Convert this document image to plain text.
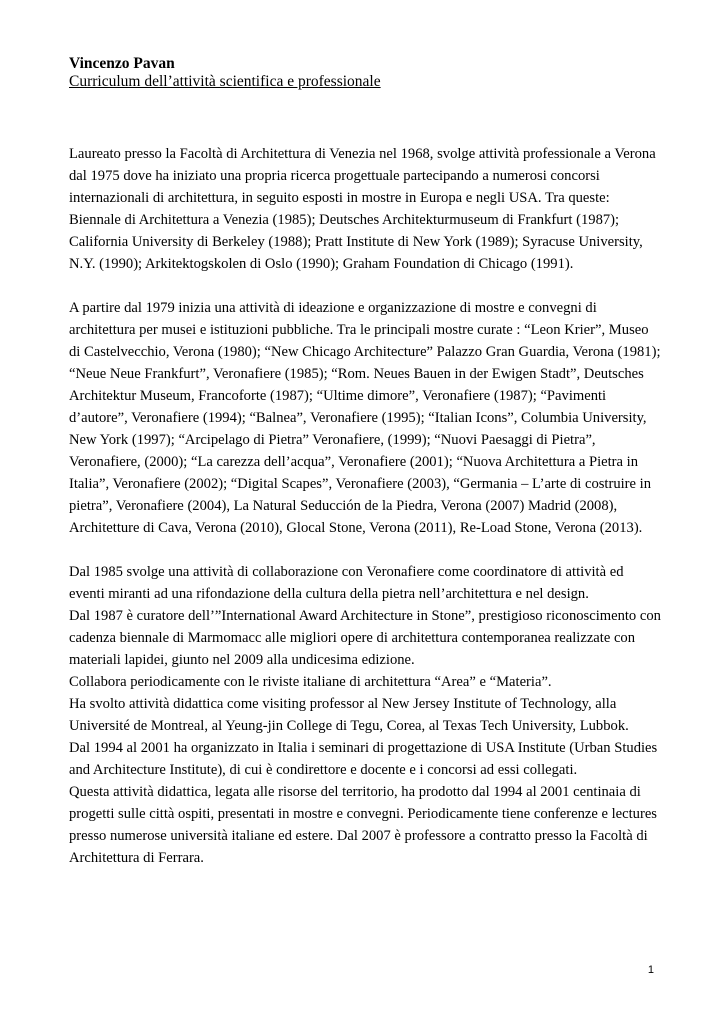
Vincenzo Pavan

Curriculum dell’attività scientifica e professionale

Laureato presso la Facoltà di Architettura di Venezia nel 1968, svolge attività professionale a Verona dal 1975 dove ha iniziato una propria ricerca progettuale partecipando a numerosi concorsi internazionali di architettura, in seguito esposti in mostre in Europa e negli USA. Tra queste: Biennale di Architettura a Venezia (1985); Deutsches Architekturmuseum di Frankfurt (1987); California University di Berkeley (1988); Pratt Institute di New York (1989); Syracuse University, N.Y. (1990); Arkitektogskolen di Oslo (1990); Graham Foundation di Chicago (1991).

A partire dal 1979 inizia una attività di ideazione e organizzazione di mostre e convegni di architettura per musei e istituzioni pubbliche. Tra le principali mostre curate : “Leon Krier”, Museo di Castelvecchio, Verona (1980); “New Chicago Architecture” Palazzo Gran Guardia, Verona (1981); “Neue Neue Frankfurt”, Veronafiere (1985); “Rom. Neues Bauen in der Ewigen Stadt”, Deutsches Architektur Museum, Francoforte (1987); “Ultime dimore”, Veronafiere (1987); “Pavimenti d’autore”, Veronafiere (1994); “Balnea”, Veronafiere (1995); “Italian Icons”, Columbia University, New York (1997); “Arcipelago di Pietra” Veronafiere, (1999); “Nuovi Paesaggi di Pietra”, Veronafiere, (2000); “La carezza dell’acqua”, Veronafiere (2001); “Nuova Architettura a Pietra in Italia”, Veronafiere (2002); “Digital Scapes”, Veronafiere (2003), “Germania – L’arte di costruire in pietra”, Veronafiere (2004), La Natural Seducción de la Piedra, Verona (2007) Madrid (2008), Architetture di Cava, Verona (2010), Glocal Stone, Verona (2011), Re-Load Stone, Verona (2013).

Dal 1985 svolge una attività di collaborazione con Veronafiere come coordinatore di attività ed eventi miranti ad una rifondazione della cultura della pietra nell’architettura e nel design.

Dal 1987 è curatore dell’”International Award Architecture in Stone”, prestigioso riconoscimento con cadenza biennale di Marmomacc alle migliori opere di architettura contemporanea realizzate con materiali lapidei, giunto nel 2009 alla undicesima edizione.

Collabora periodicamente con le riviste italiane di architettura “Area” e “Materia”.

Ha svolto attività didattica come visiting professor al New Jersey Institute of Technology, alla Université de Montreal, al Yeung-jin College di Tegu, Corea, al Texas Tech University, Lubbok.

Dal 1994 al 2001 ha organizzato in Italia i seminari di progettazione di USA Institute (Urban Studies and Architecture Institute), di cui è condirettore e docente e i concorsi ad essi collegati.

Questa attività didattica, legata alle risorse del territorio, ha prodotto dal 1994 al 2001 centinaia di progetti sulle città ospiti, presentati in mostre e convegni. Periodicamente tiene conferenze e lectures presso numerose università italiane ed estere. Dal 2007 è professore a contratto presso la Facoltà di Architettura di Ferrara.

1
